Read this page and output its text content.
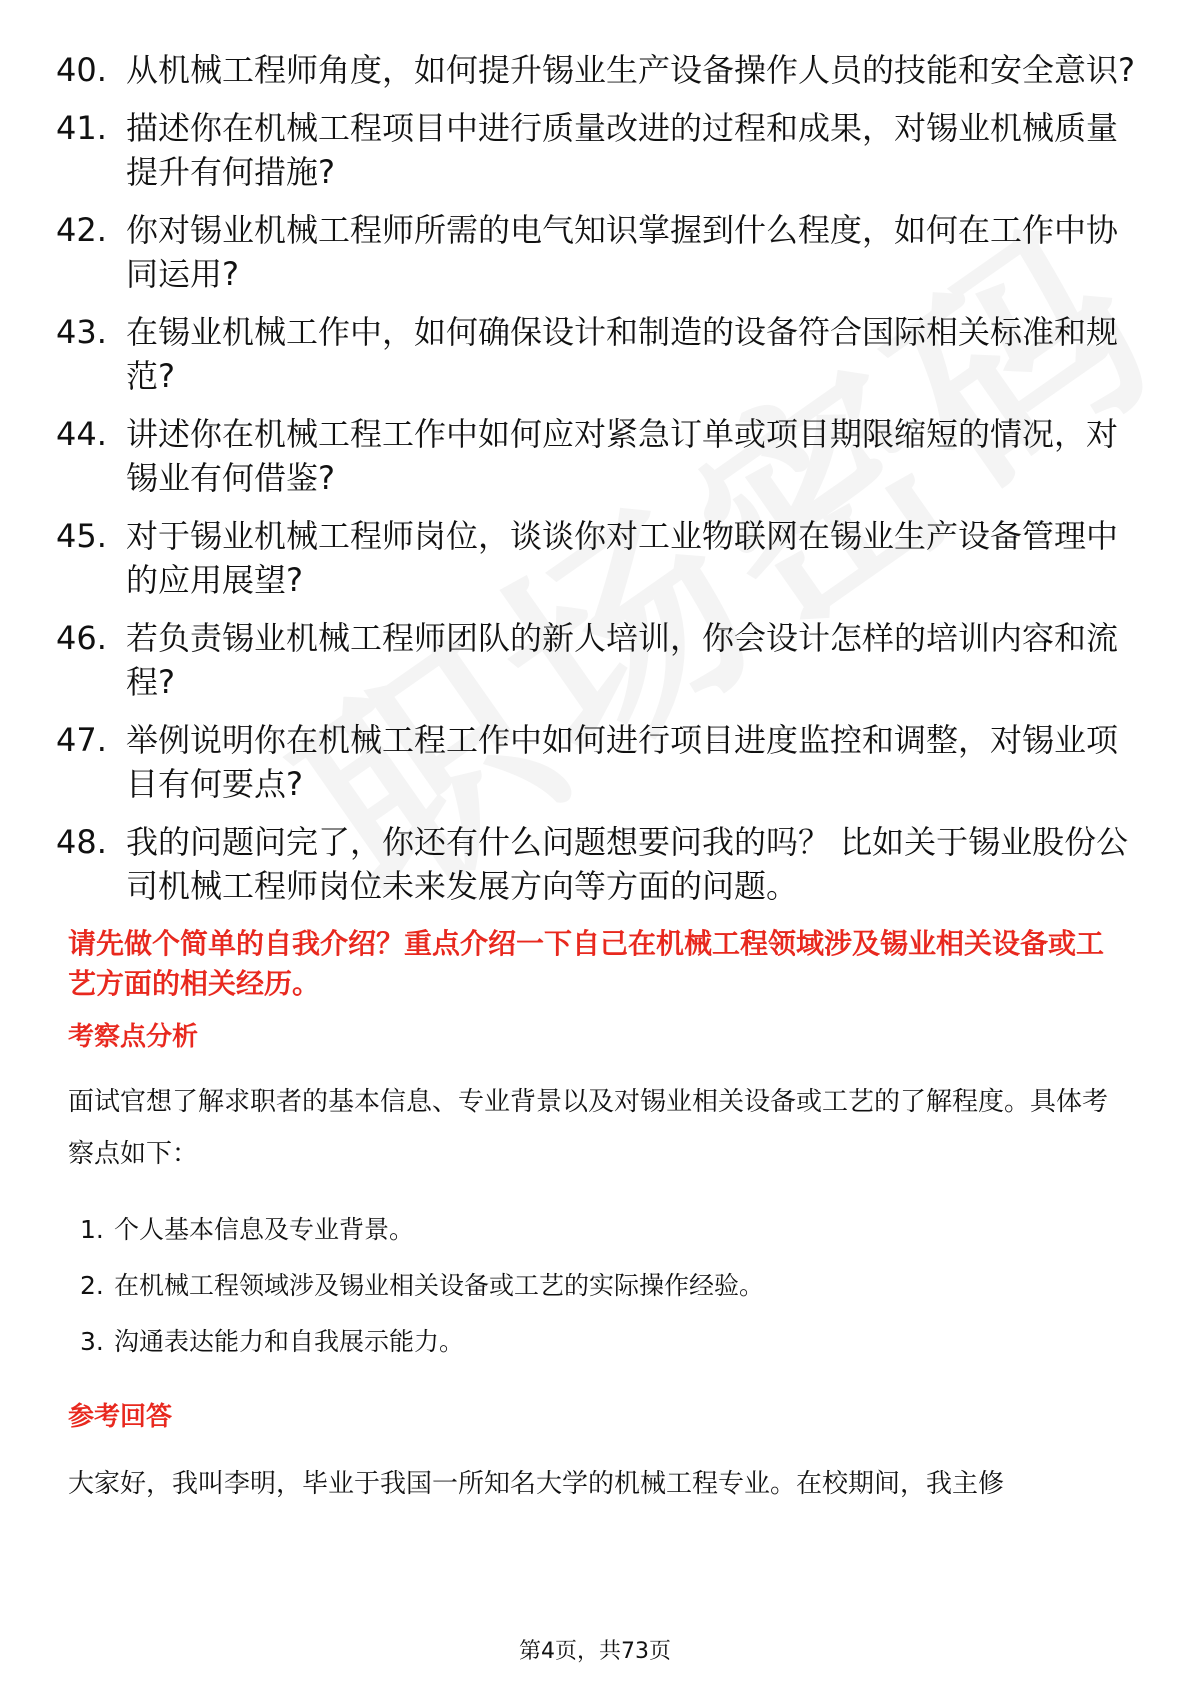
40. 从机械工程师角度，如何提升锡业生产设备操作人员的技能和安全意识?
41. 描述你在机械工程项目中进行质量改进的过程和成果，对锡业机械质量提升有何措施?
42. 你对锡业机械工程师所需的电气知识掌握到什么程度，如何在工作中协同运用?
43. 在锡业机械工作中，如何确保设计和制造的设备符合国际相关标准和规范?
44. 讲述你在机械工程工作中如何应对紧急订单或项目期限缩短的情况，对锡业有何借鉴?
45. 对于锡业机械工程师岗位，谈谈你对工业物联网在锡业生产设备管理中的应用展望?
46. 若负责锡业机械工程师团队的新人培训，你会设计怎样的培训内容和流程?
47. 举例说明你在机械工程工作中如何进行项目进度监控和调整，对锡业项目有何要点?
48. 我的问题问完了，你还有什么问题想要问我的吗？ 比如关于锡业股份公司机械工程师岗位未来发展方向等方面的问题。
请先做个简单的自我介绍？重点介绍一下自己在机械工程领域涉及锡业相关设备或工艺方面的相关经历。
考察点分析
面试官想了解求职者的基本信息、专业背景以及对锡业相关设备或工艺的了解程度。具体考察点如下：
1. 个人基本信息及专业背景。
2. 在机械工程领域涉及锡业相关设备或工艺的实际操作经验。
3. 沟通表达能力和自我展示能力。
参考回答
大家好，我叫李明，毕业于我国一所知名大学的机械工程专业。在校期间，我主修
第4页，共73页
